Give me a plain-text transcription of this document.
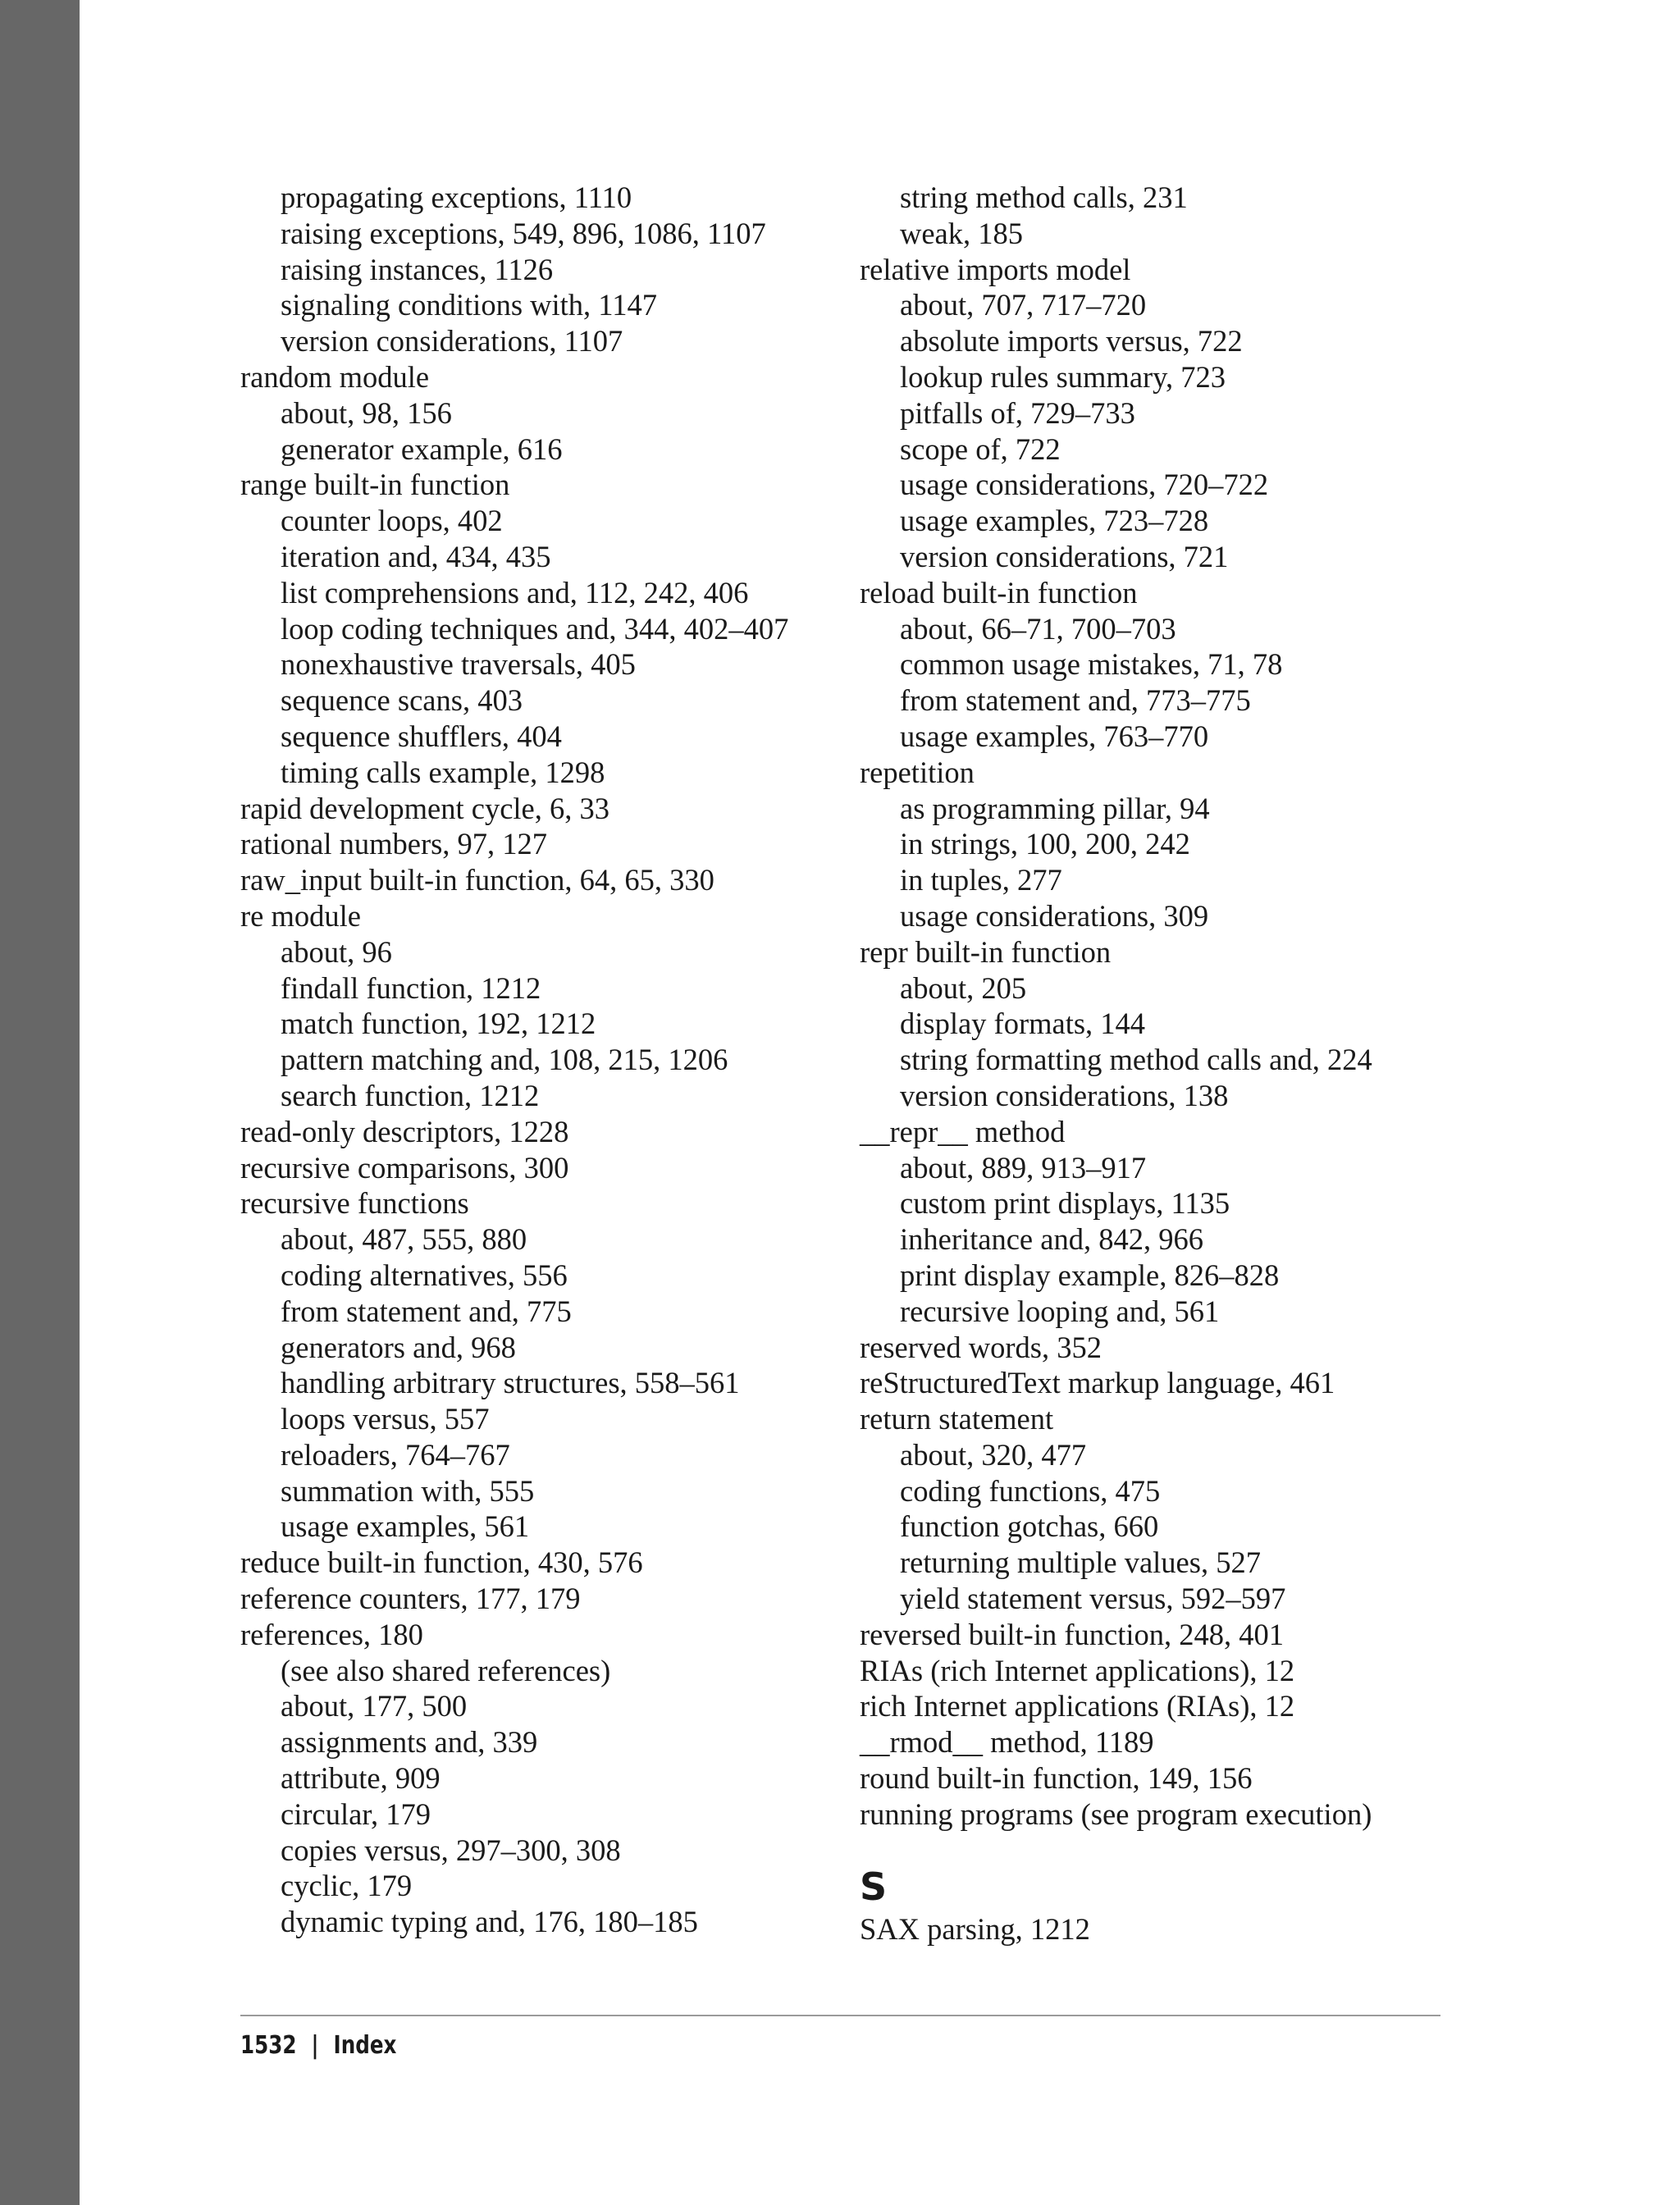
propagating exceptions, 1110
raising exceptions, 549, 896, 1086, 1107
raising instances, 1126
signaling conditions with, 1147
version considerations, 1107
random module
about, 98, 156
generator example, 616
range built-in function
counter loops, 402
iteration and, 434, 435
list comprehensions and, 112, 242, 406
loop coding techniques and, 344, 402–407
nonexhaustive traversals, 405
sequence scans, 403
sequence shufflers, 404
timing calls example, 1298
rapid development cycle, 6, 33
rational numbers, 97, 127
raw_input built-in function, 64, 65, 330
re module
about, 96
findall function, 1212
match function, 192, 1212
pattern matching and, 108, 215, 1206
search function, 1212
read-only descriptors, 1228
recursive comparisons, 300
recursive functions
about, 487, 555, 880
coding alternatives, 556
from statement and, 775
generators and, 968
handling arbitrary structures, 558–561
loops versus, 557
reloaders, 764–767
summation with, 555
usage examples, 561
reduce built-in function, 430, 576
reference counters, 177, 179
references, 180
(see also shared references)
about, 177, 500
assignments and, 339
attribute, 909
circular, 179
copies versus, 297–300, 308
cyclic, 179
dynamic typing and, 176, 180–185
string method calls, 231
weak, 185
relative imports model
about, 707, 717–720
absolute imports versus, 722
lookup rules summary, 723
pitfalls of, 729–733
scope of, 722
usage considerations, 720–722
usage examples, 723–728
version considerations, 721
reload built-in function
about, 66–71, 700–703
common usage mistakes, 71, 78
from statement and, 773–775
usage examples, 763–770
repetition
as programming pillar, 94
in strings, 100, 200, 242
in tuples, 277
usage considerations, 309
repr built-in function
about, 205
display formats, 144
string formatting method calls and, 224
version considerations, 138
__repr__ method
about, 889, 913–917
custom print displays, 1135
inheritance and, 842, 966
print display example, 826–828
recursive looping and, 561
reserved words, 352
reStructuredText markup language, 461
return statement
about, 320, 477
coding functions, 475
function gotchas, 660
returning multiple values, 527
yield statement versus, 592–597
reversed built-in function, 248, 401
RIAs (rich Internet applications), 12
rich Internet applications (RIAs), 12
__rmod__ method, 1189
round built-in function, 149, 156
running programs (see program execution)
S
SAX parsing, 1212
1532 | Index
